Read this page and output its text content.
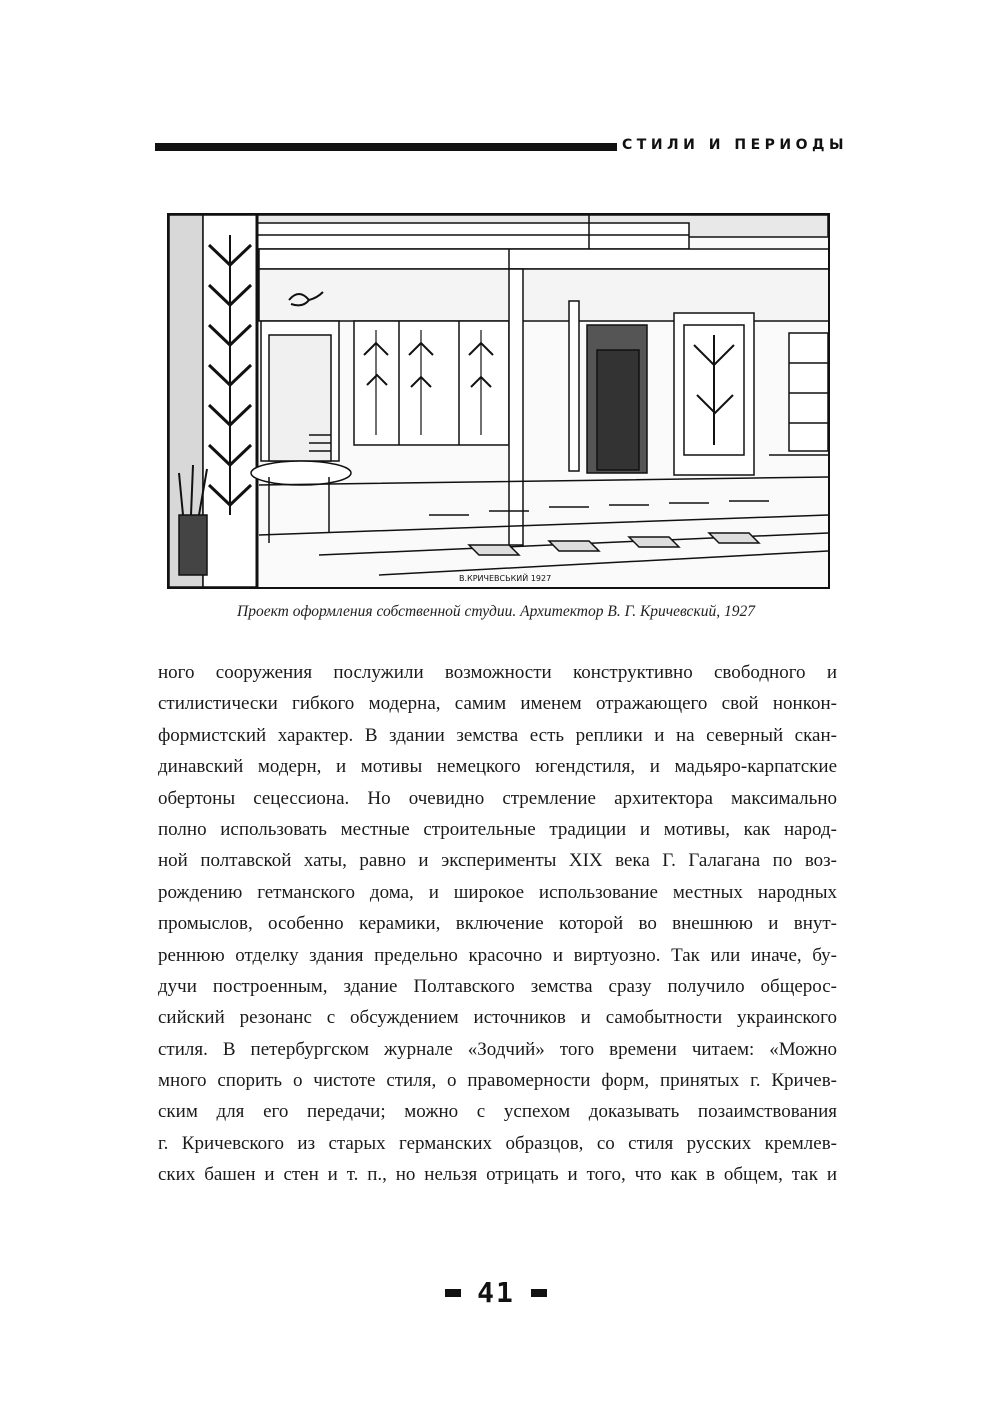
СТИЛИ И ПЕРИОДЫ
В.КРИЧЕВСЬКИЙ 1927
Проект оформления собственной студии. Архитектор В. Г. Кричевский, 1927
ного сооружения послужили возможности конструктивно свободного и
стилистически гибкого модерна, самим именем отражающего свой нонкон-
формистский характер. В здании земства есть реплики и на северный скан-
динавский модерн, и мотивы немецкого югендстиля, и мадьяро-карпатские
обертоны сецессиона. Но очевидно стремление архитектора максимально
полно использовать местные строительные традиции и мотивы, как народ-
ной полтавской хаты, равно и эксперименты XIX века Г. Галагана по воз-
рождению гетманского дома, и широкое использование местных народных
промыслов, особенно керамики, включение которой во внешнюю и внут-
реннюю отделку здания предельно красочно и виртуозно. Так или иначе, бу-
дучи построенным, здание Полтавского земства сразу получило общерос-
сийский резонанс с обсуждением источников и самобытности украинского
стиля. В петербургском журнале «Зодчий» того времени читаем: «Можно
много спорить о чистоте стиля, о правомерности форм, принятых г. Кричев-
ским для его передачи; можно с успехом доказывать позаимствования
г. Кричевского из старых германских образцов, со стиля русских кремлев-
ских башен и стен и т. п., но нельзя отрицать и того, что как в общем, так и
41
